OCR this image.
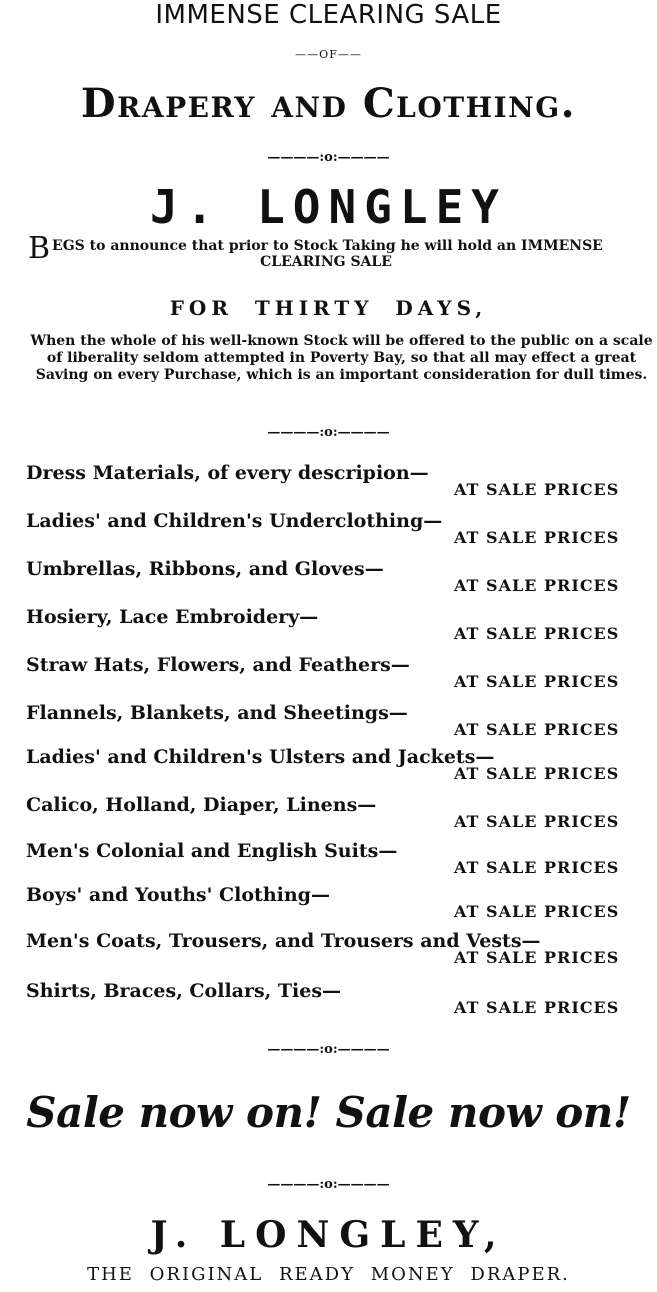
IMMENSE CLEARING SALE
——OF——
Drapery and Clothing.
————:o:————
J. LONGLEY
B EGS to announce that prior to Stock Taking he will hold an IMMENSE
CLEARING SALE
FOR THIRTY DAYS,
When the whole of his well-known Stock will be offered to the public on a scale of liberality seldom attempted in Poverty Bay, so that all may effect a great Saving on every Purchase, which is an important consideration for dull times.
————:o:————
Dress Materials, of every descripion—
AT SALE PRICES
Ladies' and Children's Underclothing—
AT SALE PRICES
Umbrellas, Ribbons, and Gloves—
AT SALE PRICES
Hosiery, Lace Embroidery—
AT SALE PRICES
Straw Hats, Flowers, and Feathers—
AT SALE PRICES
Flannels, Blankets, and Sheetings—
AT SALE PRICES
Ladies' and Children's Ulsters and Jackets—
AT SALE PRICES
Calico, Holland, Diaper, Linens—
AT SALE PRICES
Men's Colonial and English Suits—
AT SALE PRICES
Boys' and Youths' Clothing—
AT SALE PRICES
Men's Coats, Trousers, and Trousers and Vests—
AT SALE PRICES
Shirts, Braces, Collars, Ties—
AT SALE PRICES
————:o:————
Sale now on! Sale now on!
————:o:————
J. LONGLEY,
THE ORIGINAL READY MONEY DRAPER.
